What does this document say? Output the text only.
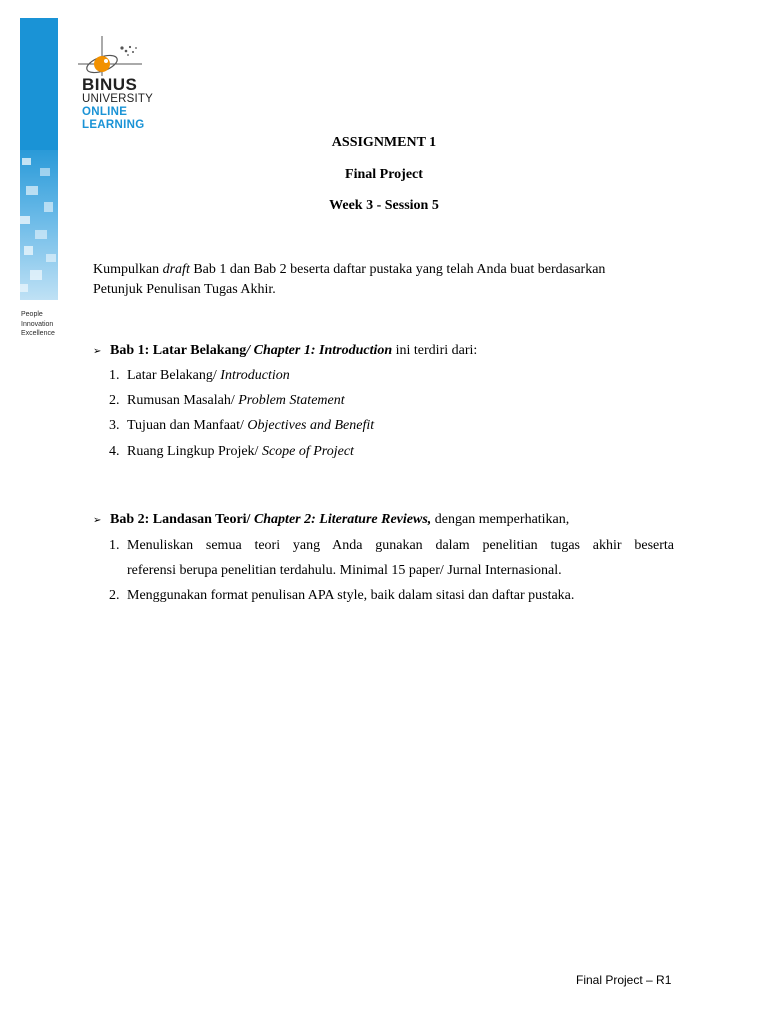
People
Innovation
Excellence
BINUS
UNIVERSITY
ONLINE
LEARNING
ASSIGNMENT 1
Final Project
Week 3 - Session 5
Kumpulkan draft Bab 1 dan Bab 2 beserta daftar pustaka yang telah Anda buat berdasarkan
Petunjuk Penulisan Tugas Akhir.
➢ Bab 1: Latar Belakang/ Chapter 1: Introduction ini terdiri dari:
1. Latar Belakang/ Introduction
2. Rumusan Masalah/ Problem Statement
3. Tujuan dan Manfaat/ Objectives and Benefit
4. Ruang Lingkup Projek/ Scope of Project
➢ Bab 2: Landasan Teori/ Chapter 2: Literature Reviews, dengan memperhatikan,
1. Menuliskan semua teori yang Anda gunakan dalam penelitian tugas akhir beserta
referensi berupa penelitian terdahulu. Minimal 15 paper/ Jurnal Internasional.
2. Menggunakan format penulisan APA style, baik dalam sitasi dan daftar pustaka.
Final Project – R1
